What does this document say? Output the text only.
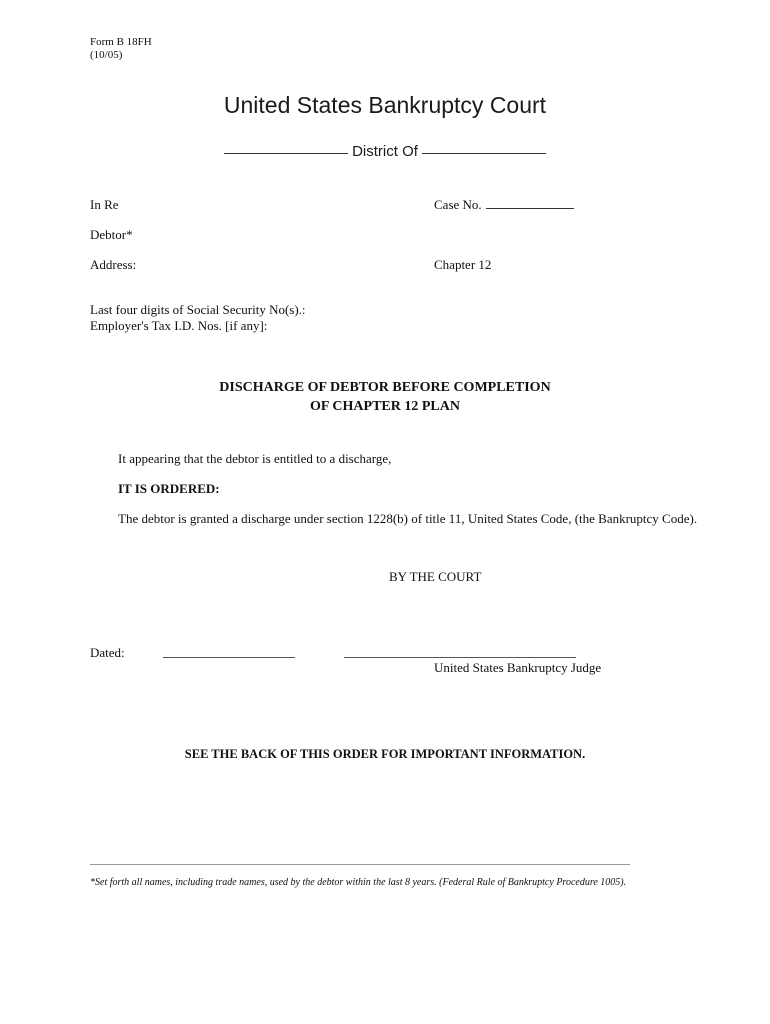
Form B 18FH
(10/05)
United States Bankruptcy Court
District Of
In Re	Case No.
Debtor*
Address:	Chapter 12
Last four digits of Social Security No(s).:
Employer's Tax I.D. Nos. [if any]:
DISCHARGE OF DEBTOR BEFORE COMPLETION
OF CHAPTER 12 PLAN
It appearing that the debtor is entitled to a discharge,
IT IS ORDERED:
The debtor is granted a discharge under section 1228(b) of title 11, United States Code, (the Bankruptcy Code).
BY THE COURT
Dated:
United States Bankruptcy Judge
SEE THE BACK OF THIS ORDER FOR IMPORTANT INFORMATION.
*Set forth all names, including trade names, used by the debtor within the last 8 years. (Federal Rule of Bankruptcy Procedure 1005).
